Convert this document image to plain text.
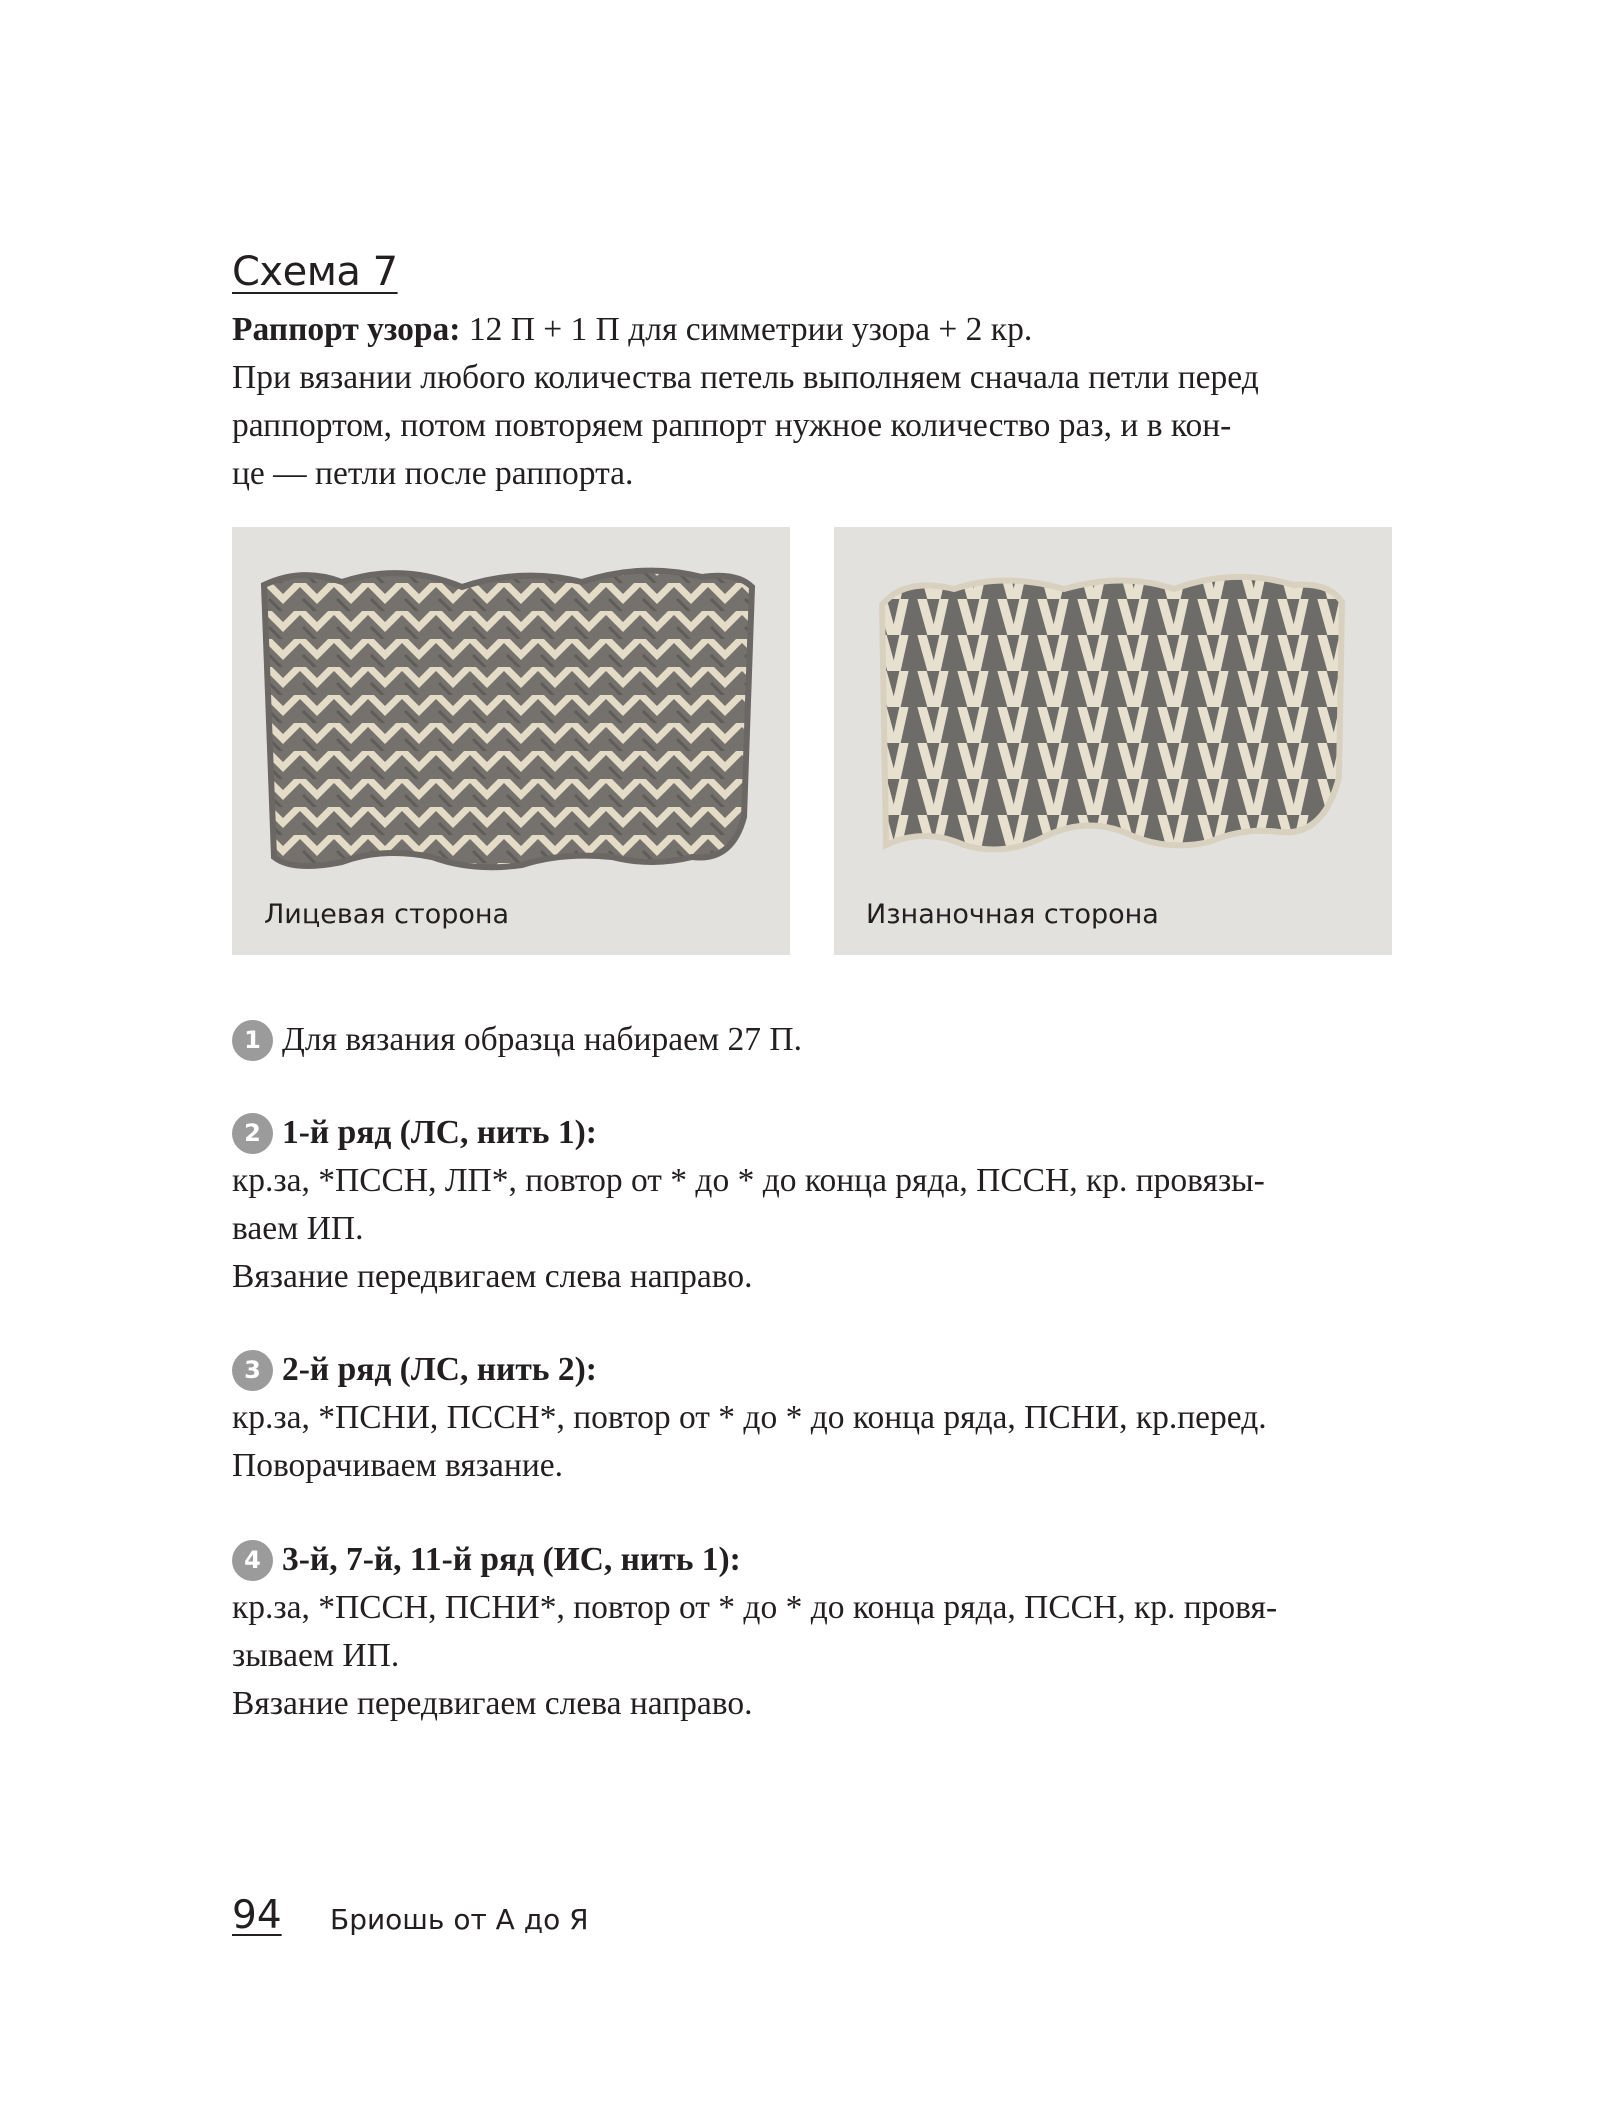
Схема 7

Раппорт узора: 12 П + 1 П для симметрии узора + 2 кр.

При вязании любого количества петель выполняем сначала петли перед
раппортом, потом повторяем раппорт нужное количество раз, и в кон-
це — петли после раппорта.

Лицевая сторона	Изнаночная сторона
1 Для вязания образца набираем 27 П.
2 1-й ряд (ЛС, нить 1):
кр.за, *ПССН, ЛП*, повтор от * до * до конца ряда, ПССН, кр. провязы-
ваем ИП.
Вязание передвигаем слева направо.
3 2-й ряд (ЛС, нить 2):
кр.за, *ПСНИ, ПССН*, повтор от * до * до конца ряда, ПСНИ, кр.перед.
Поворачиваем вязание.
4 3-й, 7-й, 11-й ряд (ИС, нить 1):
кр.за, *ПССН, ПСНИ*, повтор от * до * до конца ряда, ПССН, кр. провя-
зываем ИП.
Вязание передвигаем слева направо.
94 Бриошь от А до Я
